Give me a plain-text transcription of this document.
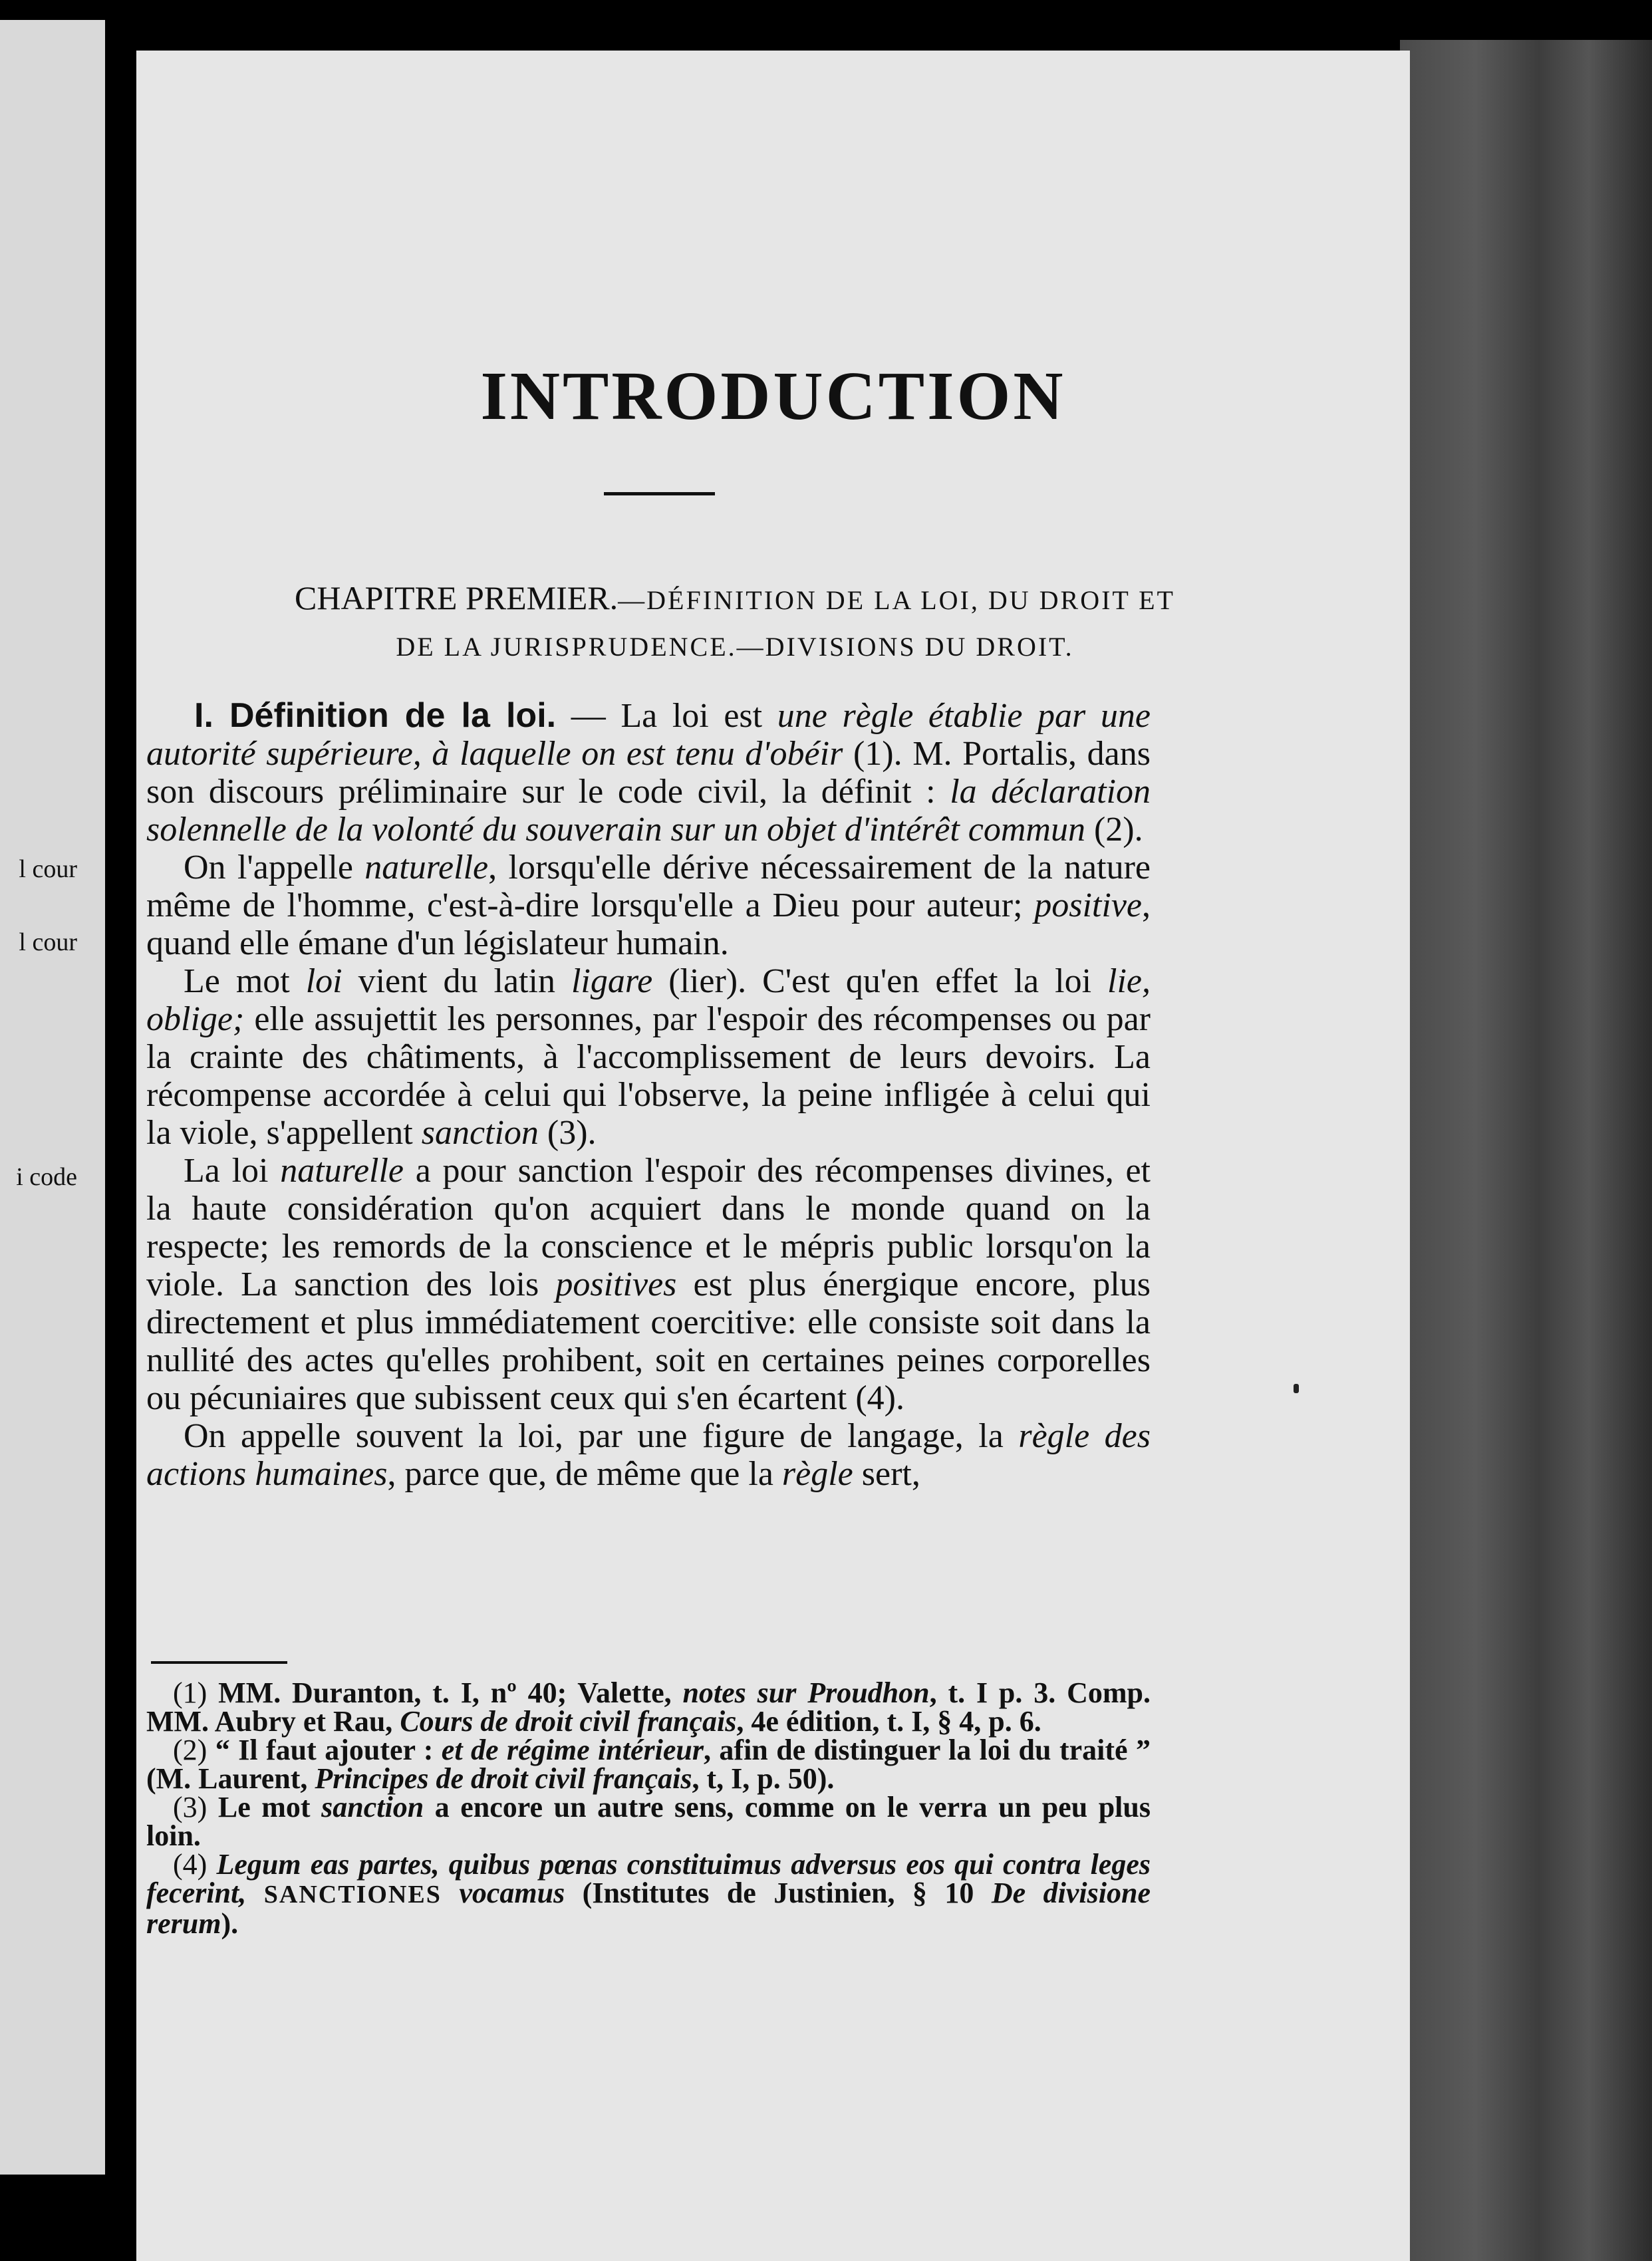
l cour
l cour
i code
INTRODUCTION
CHAPITRE PREMIER.—DÉFINITION DE LA LOI, DU DROIT ET
DE LA JURISPRUDENCE.—DIVISIONS DU DROIT.

I. Définition de la loi. — La loi est une règle établie par une autorité supérieure, à laquelle on est tenu d'obéir (1). M. Portalis, dans son discours préliminaire sur le code civil, la définit : la déclaration solennelle de la volonté du souverain sur un objet d'intérêt commun (2).

On l'appelle naturelle, lorsqu'elle dérive nécessairement de la nature même de l'homme, c'est-à-dire lorsqu'elle a Dieu pour auteur; positive, quand elle émane d'un législateur humain.

Le mot loi vient du latin ligare (lier). C'est qu'en effet la loi lie, oblige; elle assujettit les personnes, par l'espoir des récompenses ou par la crainte des châtiments, à l'accomplissement de leurs devoirs. La récompense accordée à celui qui l'observe, la peine infligée à celui qui la viole, s'appellent sanction (3).

La loi naturelle a pour sanction l'espoir des récompenses divines, et la haute considération qu'on acquiert dans le monde quand on la respecte; les remords de la conscience et le mépris public lorsqu'on la viole. La sanction des lois positives est plus énergique encore, plus directement et plus immédiatement coercitive: elle consiste soit dans la nullité des actes qu'elles prohibent, soit en certaines peines corporelles ou pécuniaires que subissent ceux qui s'en écartent (4).

On appelle souvent la loi, par une figure de langage, la règle des actions humaines, parce que, de même que la règle sert,

(1) MM. Duranton, t. I, nº 40; Valette, notes sur Proudhon, t. I p. 3. Comp. MM. Aubry et Rau, Cours de droit civil français, 4e édition, t. I, § 4, p. 6.

(2) “ Il faut ajouter : et de régime intérieur, afin de distinguer la loi du traité ” (M. Laurent, Principes de droit civil français, t, I, p. 50).

(3) Le mot sanction a encore un autre sens, comme on le verra un peu plus loin.

(4) Legum eas partes, quibus pœnas constituimus adversus eos qui contra leges fecerint, SANCTIONES vocamus (Institutes de Justinien, § 10 De divisione rerum).
